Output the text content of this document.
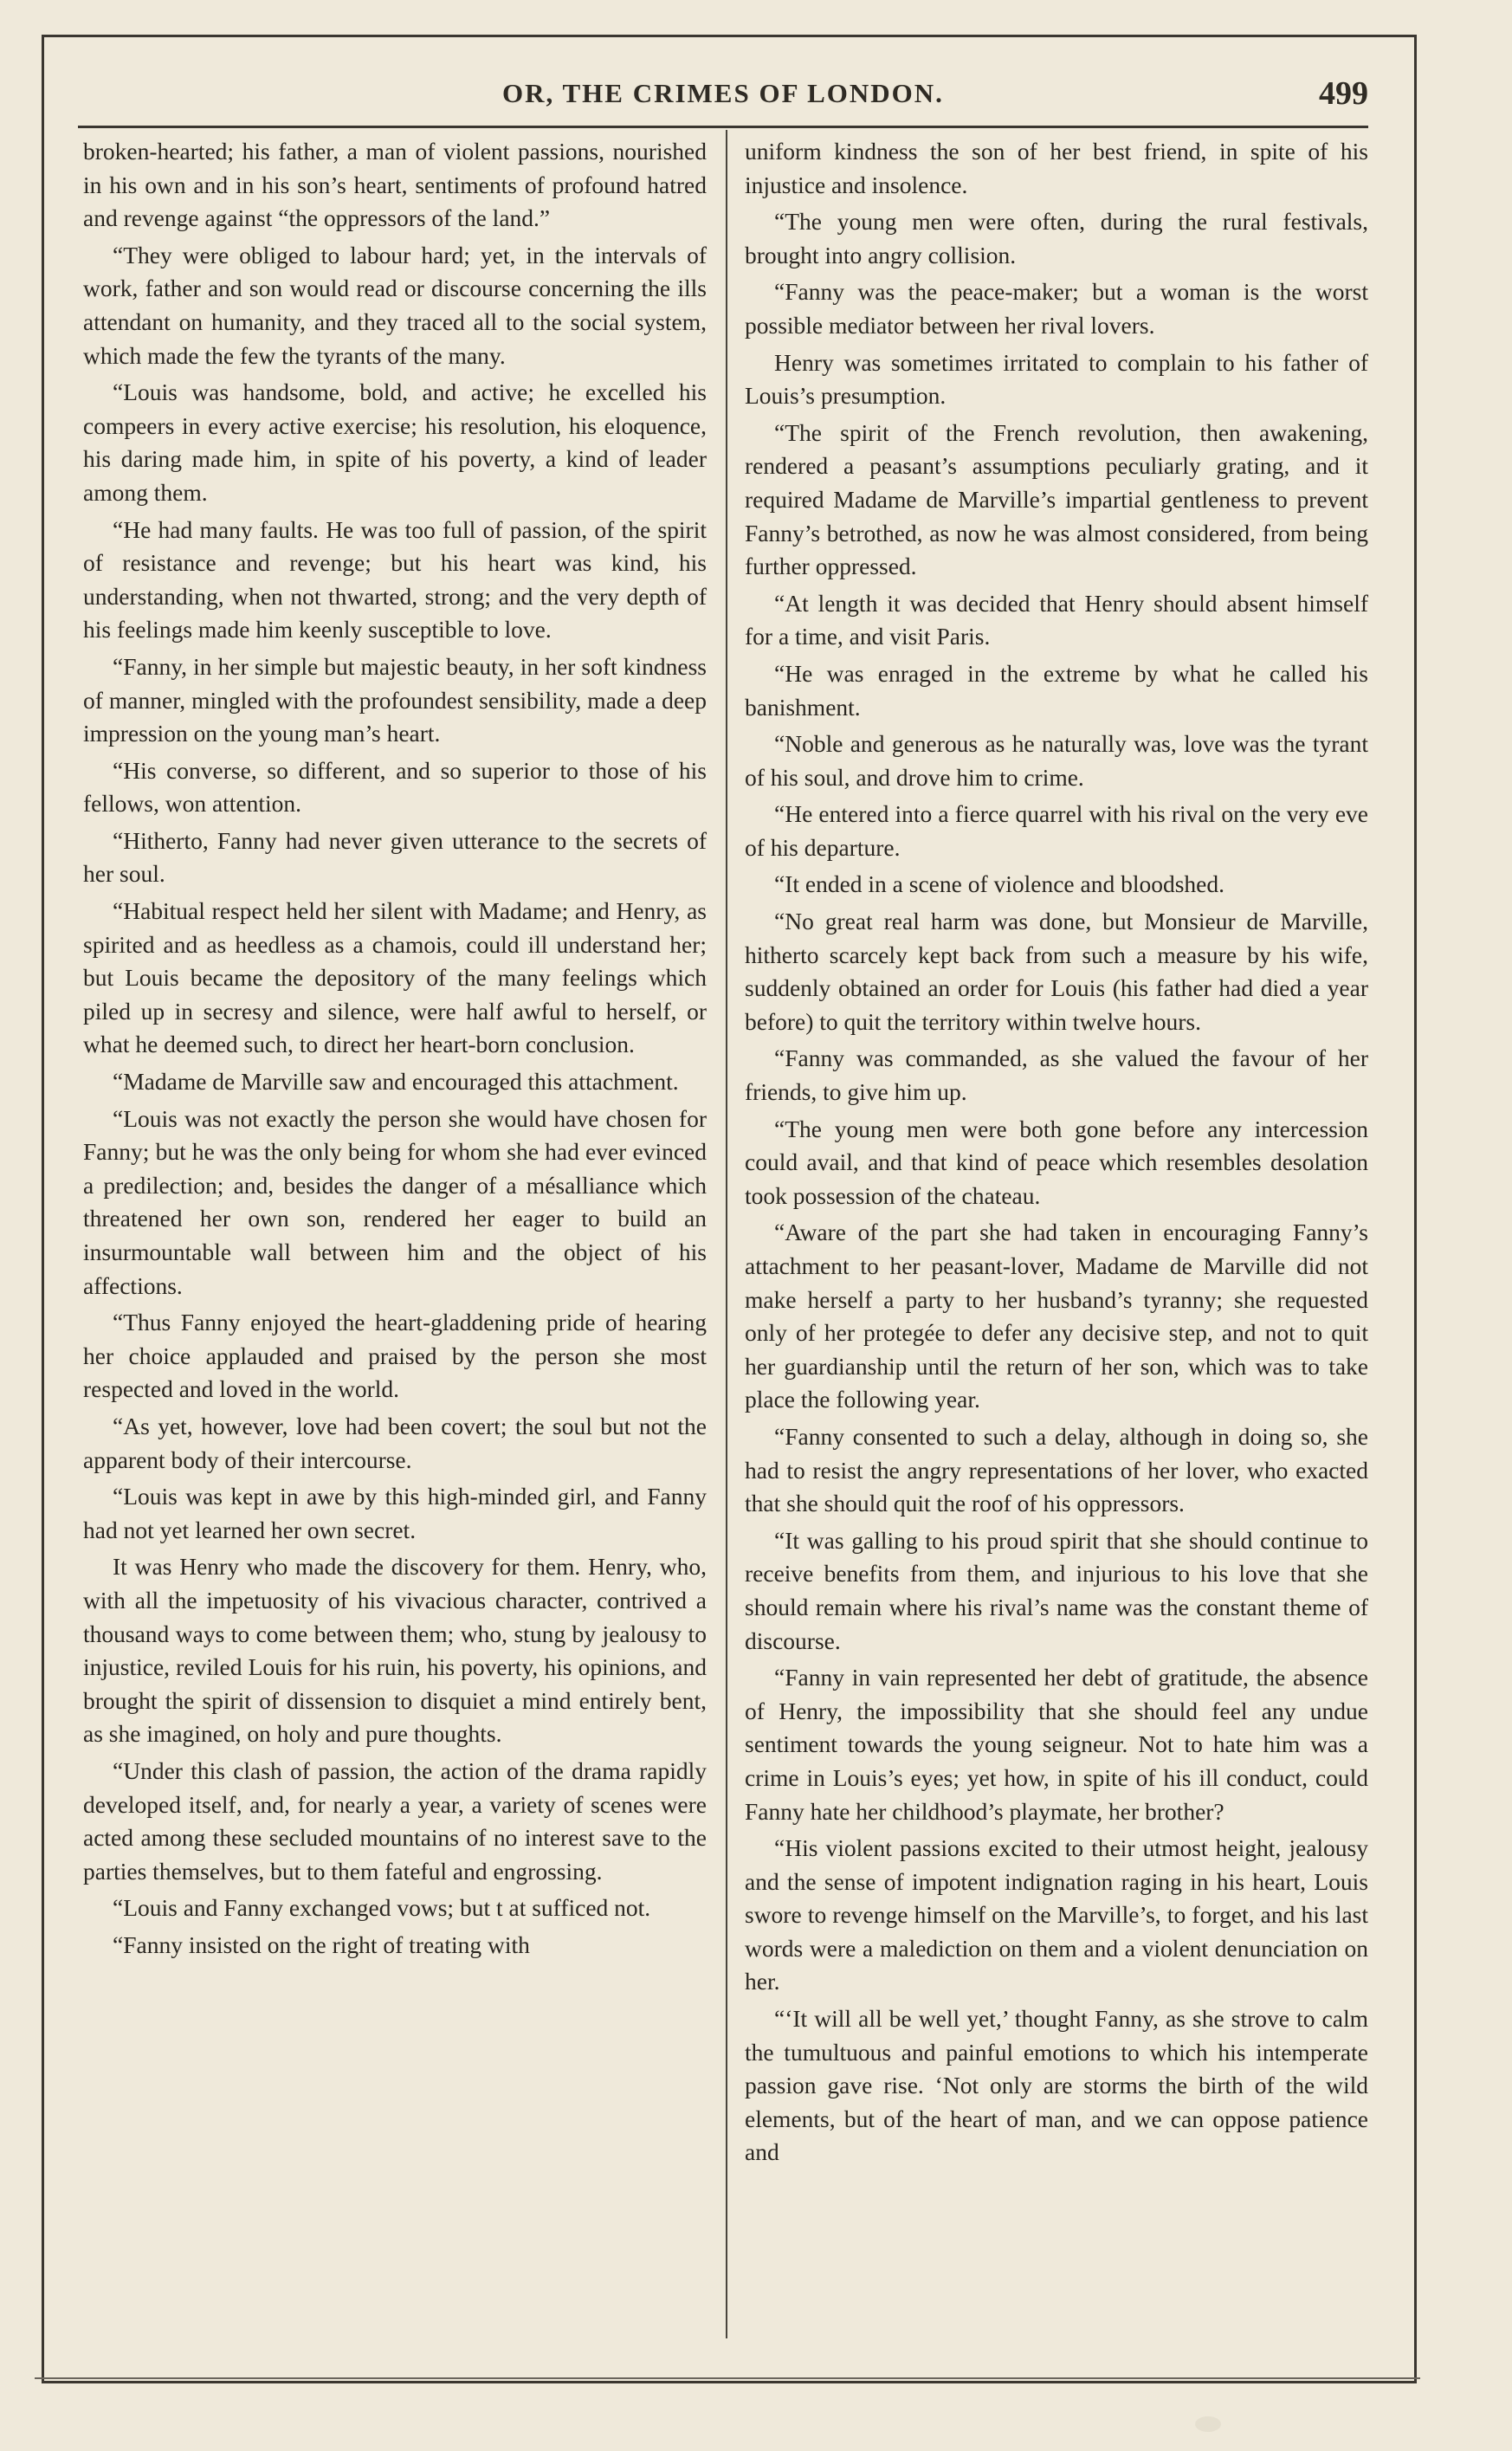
OR, THE CRIMES OF LONDON.	499

broken-hearted; his father, a man of violent passions, nourished in his own and in his son’s heart, sentiments of profound hatred and revenge against “the oppressors of the land.”

“They were obliged to labour hard; yet, in the intervals of work, father and son would read or discourse concerning the ills attendant on humanity, and they traced all to the social system, which made the few the tyrants of the many.

“Louis was handsome, bold, and active; he excelled his compeers in every active exercise; his resolution, his eloquence, his daring made him, in spite of his poverty, a kind of leader among them.

“He had many faults. He was too full of passion, of the spirit of resistance and revenge; but his heart was kind, his understanding, when not thwarted, strong; and the very depth of his feelings made him keenly susceptible to love.

“Fanny, in her simple but majestic beauty, in her soft kindness of manner, mingled with the profoundest sensibility, made a deep impression on the young man’s heart.

“His converse, so different, and so superior to those of his fellows, won attention.

“Hitherto, Fanny had never given utterance to the secrets of her soul.

“Habitual respect held her silent with Madame; and Henry, as spirited and as heedless as a chamois, could ill understand her; but Louis became the depository of the many feelings which piled up in secresy and silence, were half awful to herself, or what he deemed such, to direct her heart-born conclusion.

“Madame de Marville saw and encouraged this attachment.

“Louis was not exactly the person she would have chosen for Fanny; but he was the only being for whom she had ever evinced a predilection; and, besides the danger of a mésalliance which threatened her own son, rendered her eager to build an insurmountable wall between him and the object of his affections.

“Thus Fanny enjoyed the heart-gladdening pride of hearing her choice applauded and praised by the person she most respected and loved in the world.

“As yet, however, love had been covert; the soul but not the apparent body of their intercourse.

“Louis was kept in awe by this high-minded girl, and Fanny had not yet learned her own secret.

It was Henry who made the discovery for them. Henry, who, with all the impetuosity of his vivacious character, contrived a thousand ways to come between them; who, stung by jealousy to injustice, reviled Louis for his ruin, his poverty, his opinions, and brought the spirit of dissension to disquiet a mind entirely bent, as she imagined, on holy and pure thoughts.

“Under this clash of passion, the action of the drama rapidly developed itself, and, for nearly a year, a variety of scenes were acted among these secluded mountains of no interest save to the parties themselves, but to them fateful and engrossing.

“Louis and Fanny exchanged vows; but t at sufficed not.

“Fanny insisted on the right of treating with

uniform kindness the son of her best friend, in spite of his injustice and insolence.

“The young men were often, during the rural festivals, brought into angry collision.

“Fanny was the peace-maker; but a woman is the worst possible mediator between her rival lovers.

Henry was sometimes irritated to complain to his father of Louis’s presumption.

“The spirit of the French revolution, then awakening, rendered a peasant’s assumptions peculiarly grating, and it required Madame de Marville’s impartial gentleness to prevent Fanny’s betrothed, as now he was almost considered, from being further oppressed.

“At length it was decided that Henry should absent himself for a time, and visit Paris.

“He was enraged in the extreme by what he called his banishment.

“Noble and generous as he naturally was, love was the tyrant of his soul, and drove him to crime.

“He entered into a fierce quarrel with his rival on the very eve of his departure.

“It ended in a scene of violence and bloodshed.

“No great real harm was done, but Monsieur de Marville, hitherto scarcely kept back from such a measure by his wife, suddenly obtained an order for Louis (his father had died a year before) to quit the territory within twelve hours.

“Fanny was commanded, as she valued the favour of her friends, to give him up.

“The young men were both gone before any intercession could avail, and that kind of peace which resembles desolation took possession of the chateau.

“Aware of the part she had taken in encouraging Fanny’s attachment to her peasant-lover, Madame de Marville did not make herself a party to her husband’s tyranny; she requested only of her protegée to defer any decisive step, and not to quit her guardianship until the return of her son, which was to take place the following year.

“Fanny consented to such a delay, although in doing so, she had to resist the angry representations of her lover, who exacted that she should quit the roof of his oppressors.

“It was galling to his proud spirit that she should continue to receive benefits from them, and injurious to his love that she should remain where his rival’s name was the constant theme of discourse.

“Fanny in vain represented her debt of gratitude, the absence of Henry, the impossibility that she should feel any undue sentiment towards the young seigneur. Not to hate him was a crime in Louis’s eyes; yet how, in spite of his ill conduct, could Fanny hate her childhood’s playmate, her brother?

“His violent passions excited to their utmost height, jealousy and the sense of impotent indignation raging in his heart, Louis swore to revenge himself on the Marville’s, to forget, and his last words were a malediction on them and a violent denunciation on her.

“‘It will all be well yet,’ thought Fanny, as she strove to calm the tumultuous and painful emotions to which his intemperate passion gave rise. ‘Not only are storms the birth of the wild elements, but of the heart of man, and we can oppose patience and
